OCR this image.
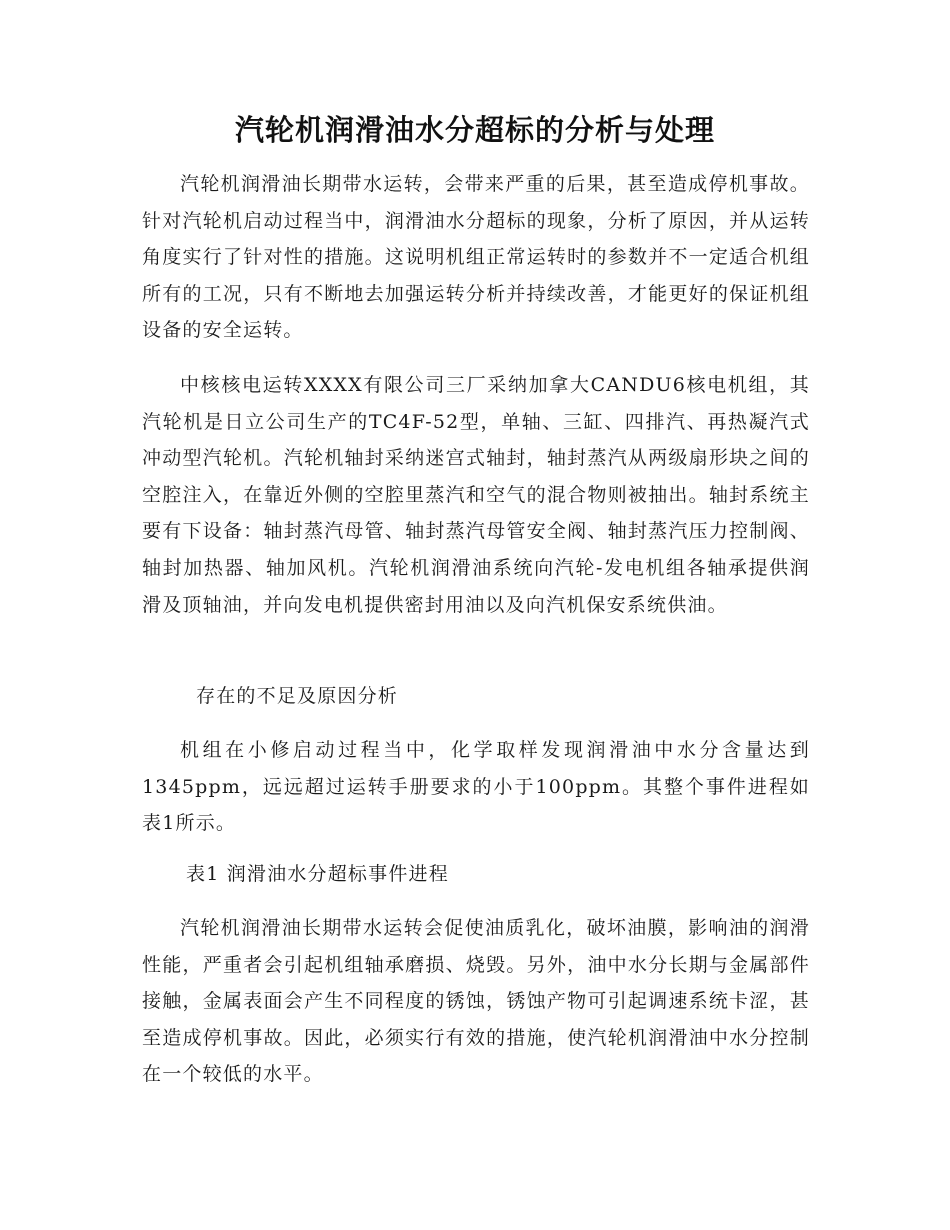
汽轮机润滑油水分超标的分析与处理

汽轮机润滑油长期带水运转，会带来严重的后果，甚至造成停机事故。针对汽轮机启动过程当中，润滑油水分超标的现象，分析了原因，并从运转角度实行了针对性的措施。这说明机组正常运转时的参数并不一定适合机组所有的工况，只有不断地去加强运转分析并持续改善，才能更好的保证机组设备的安全运转。

中核核电运转XXXX有限公司三厂采纳加拿大CANDU6核电机组，其汽轮机是日立公司生产的TC4F-52型，单轴、三缸、四排汽、再热凝汽式冲动型汽轮机。汽轮机轴封采纳迷宫式轴封，轴封蒸汽从两级扇形块之间的空腔注入，在靠近外侧的空腔里蒸汽和空气的混合物则被抽出。轴封系统主要有下设备：轴封蒸汽母管、轴封蒸汽母管安全阀、轴封蒸汽压力控制阀、轴封加热器、轴加风机。汽轮机润滑油系统向汽轮-发电机组各轴承提供润滑及顶轴油，并向发电机提供密封用油以及向汽机保安系统供油。

存在的不足及原因分析

机组在小修启动过程当中，化学取样发现润滑油中水分含量达到1345ppm，远远超过运转手册要求的小于100ppm。其整个事件进程如表1所示。

表1 润滑油水分超标事件进程

汽轮机润滑油长期带水运转会促使油质乳化，破坏油膜，影响油的润滑性能，严重者会引起机组轴承磨损、烧毁。另外，油中水分长期与金属部件接触，金属表面会产生不同程度的锈蚀，锈蚀产物可引起调速系统卡涩，甚至造成停机事故。因此，必须实行有效的措施，使汽轮机润滑油中水分控制在一个较低的水平。
